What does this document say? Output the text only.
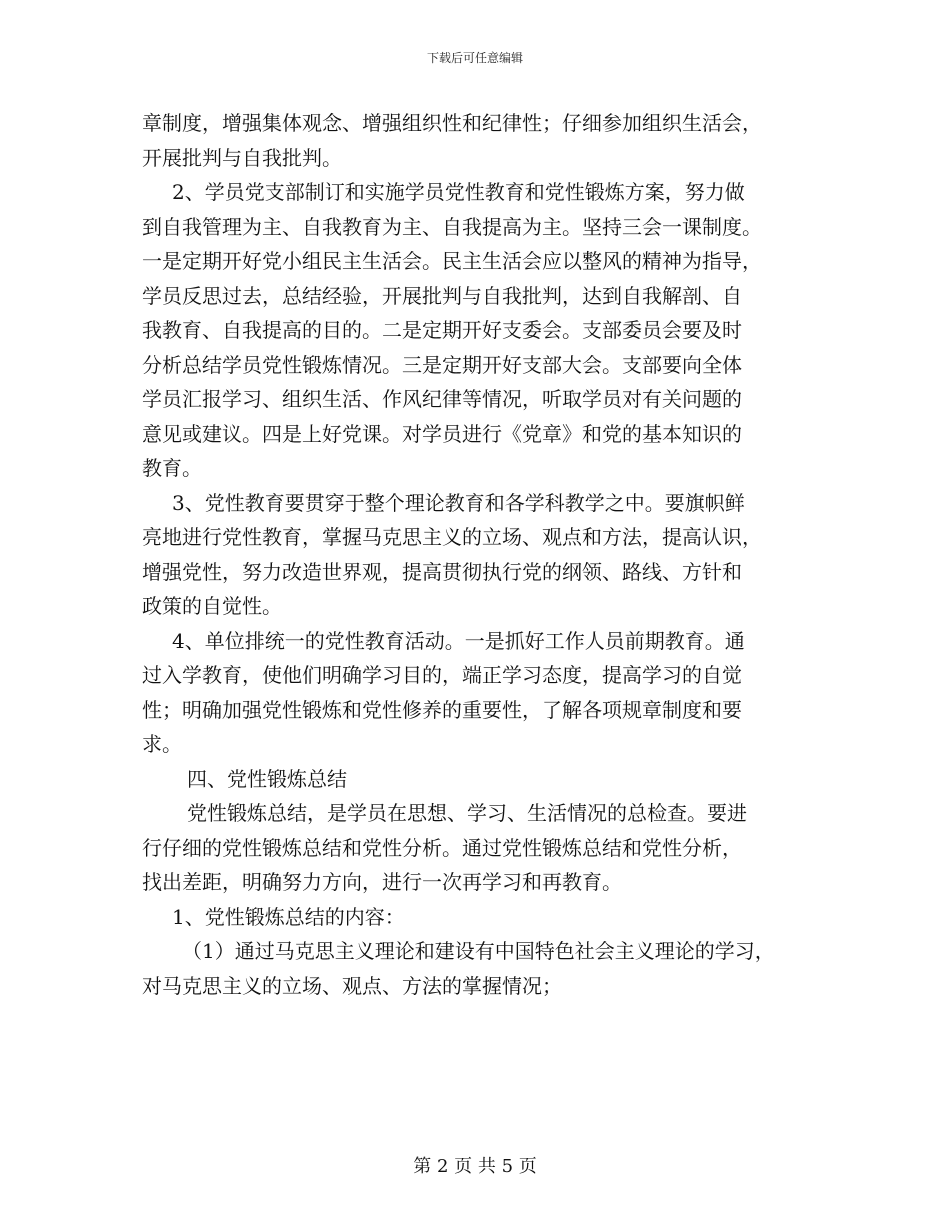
下载后可任意编辑
章制度，增强集体观念、增强组织性和纪律性；仔细参加组织生活会，
开展批判与自我批判。
2、学员党支部制订和实施学员党性教育和党性锻炼方案，努力做
到自我管理为主、自我教育为主、自我提高为主。坚持三会一课制度。
一是定期开好党小组民主生活会。民主生活会应以整风的精神为指导，
学员反思过去，总结经验，开展批判与自我批判，达到自我解剖、自
我教育、自我提高的目的。二是定期开好支委会。支部委员会要及时
分析总结学员党性锻炼情况。三是定期开好支部大会。支部要向全体
学员汇报学习、组织生活、作风纪律等情况，听取学员对有关问题的
意见或建议。四是上好党课。对学员进行《党章》和党的基本知识的
教育。
3、党性教育要贯穿于整个理论教育和各学科教学之中。要旗帜鲜
亮地进行党性教育，掌握马克思主义的立场、观点和方法，提高认识，
增强党性，努力改造世界观，提高贯彻执行党的纲领、路线、方针和
政策的自觉性。
4、单位排统一的党性教育活动。一是抓好工作人员前期教育。通
过入学教育，使他们明确学习目的，端正学习态度，提高学习的自觉
性；明确加强党性锻炼和党性修养的重要性，了解各项规章制度和要
求。
四、党性锻炼总结
党性锻炼总结，是学员在思想、学习、生活情况的总检查。要进
行仔细的党性锻炼总结和党性分析。通过党性锻炼总结和党性分析，
找出差距，明确努力方向，进行一次再学习和再教育。
1、党性锻炼总结的内容：
（1）通过马克思主义理论和建设有中国特色社会主义理论的学习，
对马克思主义的立场、观点、方法的掌握情况；
第 2 页 共 5 页
